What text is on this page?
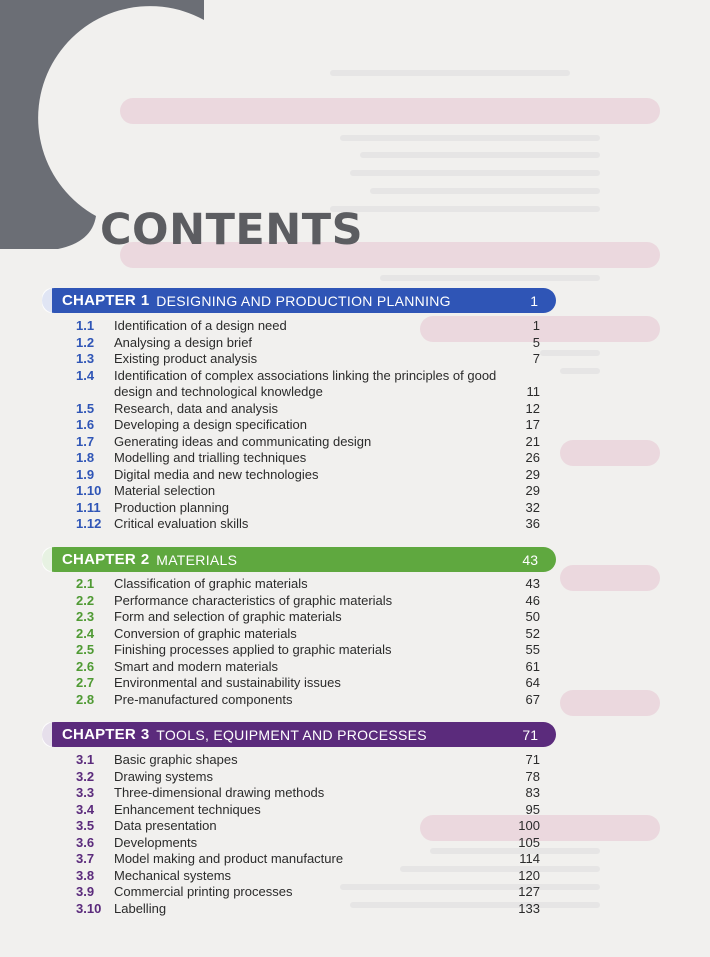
CONTENTS
CHAPTER 1 DESIGNING AND PRODUCTION PLANNING	1
1.1 Identification of a design need	1
1.2 Analysing a design brief	5
1.3 Existing product analysis	7
1.4 Identification of complex associations linking the principles of good design and technological knowledge	11
1.5 Research, data and analysis	12
1.6 Developing a design specification	17
1.7 Generating ideas and communicating design	21
1.8 Modelling and trialling techniques	26
1.9 Digital media and new technologies	29
1.10 Material selection	29
1.11 Production planning	32
1.12 Critical evaluation skills	36
CHAPTER 2 MATERIALS	43
2.1 Classification of graphic materials	43
2.2 Performance characteristics of graphic materials	46
2.3 Form and selection of graphic materials	50
2.4 Conversion of graphic materials	52
2.5 Finishing processes applied to graphic materials	55
2.6 Smart and modern materials	61
2.7 Environmental and sustainability issues	64
2.8 Pre-manufactured components	67
CHAPTER 3 TOOLS, EQUIPMENT AND PROCESSES	71
3.1 Basic graphic shapes	71
3.2 Drawing systems	78
3.3 Three-dimensional drawing methods	83
3.4 Enhancement techniques	95
3.5 Data presentation	100
3.6 Developments	105
3.7 Model making and product manufacture	114
3.8 Mechanical systems	120
3.9 Commercial printing processes	127
3.10 Labelling	133
